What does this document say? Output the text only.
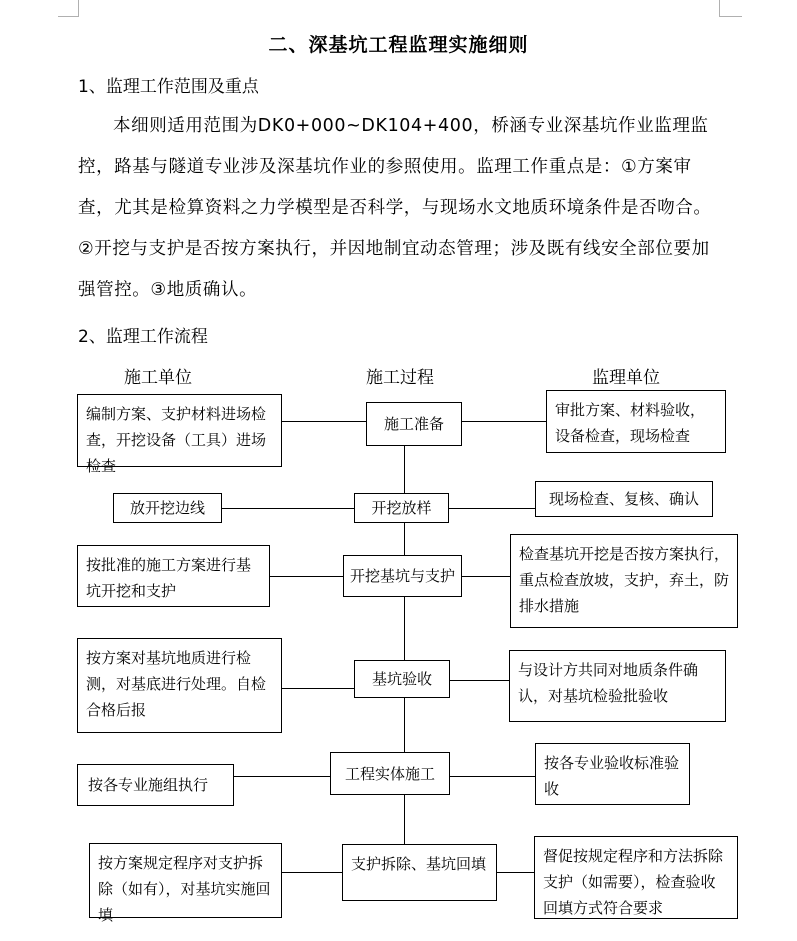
二、深基坑工程监理实施细则
1、监理工作范围及重点
本细则适用范围为DK0+000~DK104+400，桥涵专业深基坑作业监理监控，路基与隧道专业涉及深基坑作业的参照使用。监理工作重点是：①方案审查，尤其是检算资料之力学模型是否科学，与现场水文地质环境条件是否吻合。②开挖与支护是否按方案执行，并因地制宜动态管理；涉及既有线安全部位要加强管控。③地质确认。
2、监理工作流程
施工单位	施工过程	监理单位
编制方案、支护材料进场检查，开挖设备（工具）进场检查
施工准备
审批方案、材料验收，设备检查，现场检查
放开挖边线	开挖放样	现场检查、复核、确认
按批准的施工方案进行基坑开挖和支护
开挖基坑与支护
检查基坑开挖是否按方案执行，重点检查放坡，支护，弃土，防排水措施
按方案对基坑地质进行检测，对基底进行处理。自检合格后报
基坑验收	与设计方共同对地质条件确认，对基坑检验批验收
按各专业施组执行
工程实体施工
按各专业验收标准验收
按方案规定程序对支护拆除（如有），对基坑实施回填
支护拆除、基坑回填	督促按规定程序和方法拆除支护（如需要），检查验收回填方式符合要求
